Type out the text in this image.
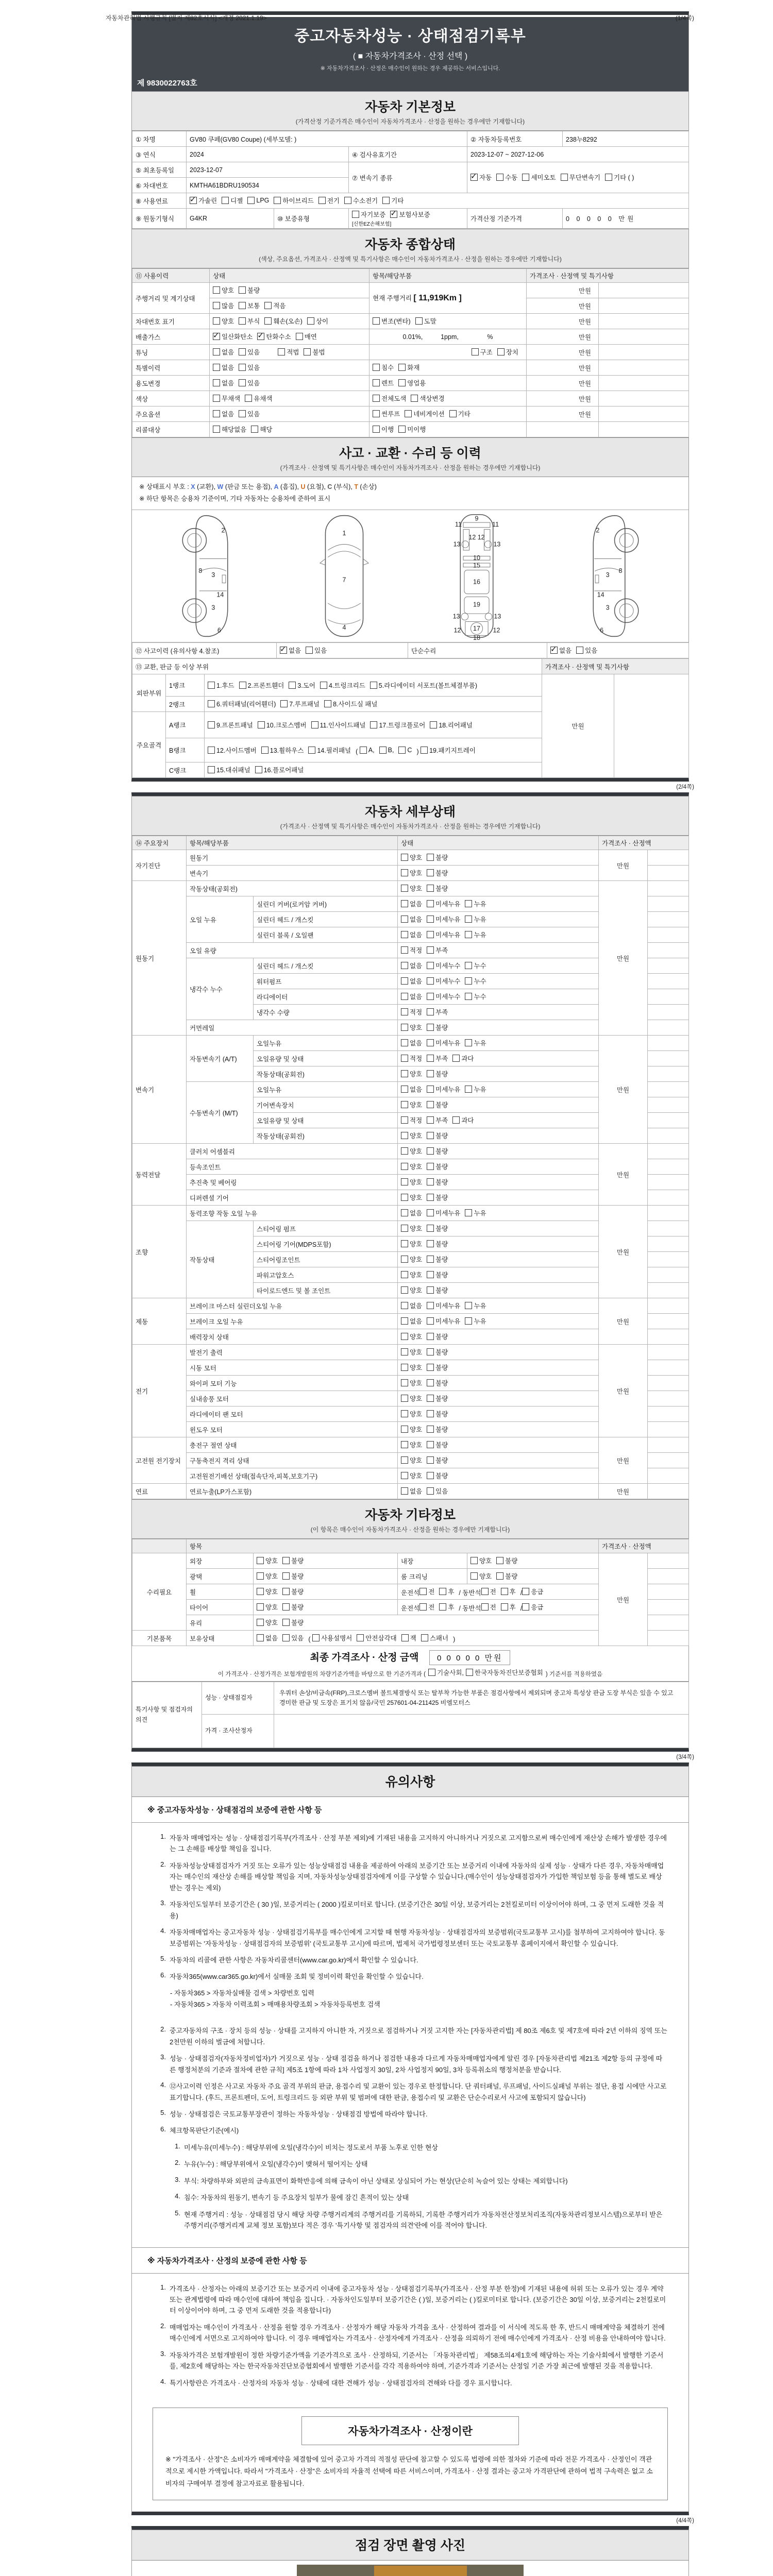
자동차관리법 시행규칙 [별지 제82호서식] <개정 2021.1.19>	(1/4쪽)
중고자동차성능 · 상태점검기록부
( ■ 자동차가격조사 · 산정 선택 )
※ 자동차가격조사 · 산정은 매수인이 원하는 경우 제공하는 서비스입니다.
제 9830022763호
자동차 기본정보
(가격산정 기준가격은 매수인이 자동차가격조사 · 산정을 원하는 경우에만 기재합니다)
① 차명	GV80 쿠페(GV80 Coupe) (세부모델: )			② 자동차등록번호	238누8292
③ 연식	2024		④ 검사유효기간	2023-12-07 ~ 2027-12-06	
⑤ 최초등록일	2023-12-07		⑦ 변속기 종류	
✓자동 수동 세미오토 무단변속기 기타 ( )

⑥ 차대번호	KMTHA61BDRU190534				
⑧ 사용연료	
✓가솔린 디젤 LPG 하이브리드 전기 수소전기 기타

⑨ 원동기형식	G4KR	⑩ 보증유형	자기보증 ✓ 보험사보증
[신한EZ손해보험]	가격산정 기준가격	0 0 0 0 0 만원
자동차 종합상태
(색상, 주요옵션, 가격조사 · 산정액 및 특기사항은 매수인이 자동차가격조사 · 산정을 원하는 경우에만 기재합니다)
⑪ 사용이력	상태	항목/해당부품	가격조사 · 산정액 및 특기사항	
주행거리 및 계기상태	양호 불량	현재 주행거리 [ 11,919Km ]	만원	

	많음 보통 적음		만원	
차대번호 표기	양호 부식 훼손(오손) 상이	변조(변타) 도말	만원	
배출가스	
✓일산화탄소 ✓ 탄화수소 매연	0.01%,          1ppm,                %	만원	
튜닝	없음 있음 적법 불법	구조 장치	만원	
특별이력	없음 있음	침수 화재	만원	
용도변경	없음 있음	렌트 영업용	만원	
색상	무채색 유채색	전체도색 색상변경	만원	
주요옵션	없음 있음	썬루프 네비게이션 기타	만원	
리콜대상	해당없음 해당	이행 미이행		

사고 · 교환 · 수리 등 이력
(가격조사 · 산정액 및 특기사항은 매수인이 자동차가격조사 · 산정을 원하는 경우에만 기재합니다)
※ 상태표시 부호 : X (교환), W (판금 또는 용접), A (흠집), U (요철), C (부식), T (손상)
※ 하단 항목은 승용차 기준이며, 기타 자동차는 승용차에 준하여 표시
2
8
3
14
3
6
1
7
4
9
11	11
13
12 12
13
10
15
16
13
19
13
12 17 12
18
2
3
8
14
3
6
⑫ 사고이력 (유의사항 4.참조)	
✓없음 있음	단순수리	
✓없음 있음
⑬ 교환, 판금 등 이상 부위			가격조사 · 산정액 및 특기사항	
외판부위	1랭크	1.후드 2.프론트휀더 3.도어 4.트렁크리드 5.라디에이터 서포트(볼트체결부품)	만원	
	2랭크	6.쿼터패널(리어휀더) 7.루프패널 8.사이드실 패널		

주요골격	A랭크	9.프론트패널 10.크로스멤버 11.인사이드패널 17.트렁크플로어 18.리어패널		

B랭크	12.사이드멤버 13.휠하우스 14.필러패널 ( A, B, C ) 19.패키지트레이

	C랭크	15.대쉬패널 16.플로어패널		
(2/4쪽)
자동차 세부상태
(가격조사 · 산정액 및 특기사항은 매수인이 자동차가격조사 · 산정을 원하는 경우에만 기재합니다)
⑭ 주요장치	항목/해당부품		상태	가격조사 · 산정액	
자기진단	원동기		양호 불량	만원	
	변속기		양호 불량		

원동기	작동상태(공회전)		양호 불량	만원	
	오일 누유	실린더 커버(로커암 커버)	없음 미세누유 누유		

		실린더 헤드 / 개스킷	없음 미세누유 누유		

		실린더 블록 / 오일팬	없음 미세누유 누유		

	오일 유량		적정 부족		

	냉각수 누수	실린더 헤드 / 개스킷	없음 미세누수 누수		

		워터펌프	없음 미세누수 누수		

		라디에이터	없음 미세누수 누수		

		냉각수 수량	적정 부족		

	커먼레일		양호 불량		

변속기	자동변속기 (A/T)	오일누유	없음 미세누유 누유	만원	
		오일유량 및 상태	적정 부족 과다		

		작동상태(공회전)	양호 불량		

	수동변속기 (M/T)	오일누유	없음 미세누유 누유		

		기어변속장치	양호 불량		

		오일유량 및 상태	적정 부족 과다		

		작동상태(공회전)	양호 불량		

동력전달	클러치 어셈블리		양호 불량	만원	
	등속조인트		양호 불량		

	추진축 및 베어링		양호 불량		

	디퍼렌셜 기어		양호 불량		

조향	동력조향 작동 오일 누유		없음 미세누유 누유	만원	
	작동상태	스티어링 펌프	양호 불량		

		스티어링 기어(MDPS포함)	양호 불량		

		스티어링조인트	양호 불량		

		파워고압호스	양호 불량		

		타이로드엔드 및 볼 조인트	양호 불량		

제동	브레이크 마스터 실린더오일 누유		없음 미세누유 누유	만원	
	브레이크 오일 누유		없음 미세누유 누유		

	배력장치 상태		양호 불량		

전기	발전기 출력		양호 불량	만원	
	시동 모터		양호 불량		

	와이퍼 모터 기능		양호 불량		

	실내송풍 모터		양호 불량		

	라디에이터 팬 모터		양호 불량		

	윈도우 모터		양호 불량		

고전원 전기장치	충전구 절연 상태		양호 불량	만원	
	구동축전지 격리 상태		양호 불량		

	고전원전기배선 상태(접속단자,피복,보호기구)		양호 불량		

연료	연료누출(LP가스포함)		없음 있음	만원	
자동차 기타정보
(이 항목은 매수인이 자동차가격조사 · 산정을 원하는 경우에만 기재합니다)
	항목				가격조사 · 산정액	
수리필요	외장	양호 불량	내장	양호 불량	만원	
	광택	양호 불량	룸 크리닝	양호 불량		

휠	양호 불량	운전석 전 후 / 동반석 전 후 / 응급

타이어	양호 불량	운전석 전 후 / 동반석 전 후 / 응급

	유리	양호 불량				

기본품목	보유상태	없음 있음 ( 사용설명서 안전삼각대 잭 스패너 )	
최종 가격조사 · 산정 금액 0 0 0 0 0 만원
이 가격조사 · 산정가격은 보험개발원의 차량기준가액을 바탕으로 한 기준가격과 ( 기술사회, 한국자동차진단보증협회 ) 기준서를 적용하였음
특기사항 및 점검자의 의견	성능 · 상태점검자	우쿼터 손상/비금속(FRP),크로스멤버 볼트체결방식 또는 탈부착 가능한 부품은 점검사항에서 제외되며 중고차 특성상 판금 도장 부식은 있을 수 있고 경미한 판금 및 도장은 표기치 않음/국민 257601-04-211425 비엠모터스
	가격 · 조사산정자	
(3/4쪽)
유의사항
※ 중고자동차성능 · 상태점검의 보증에 관한 사항 등
1. 자동차 매매업자는 성능 · 상태점검기록부(가격조사 · 산정 부분 제외)에 기재된 내용을 고지하지 아니하거나 거짓으로 고지함으로써 매수인에게 재산상 손해가 발생한 경우에는 그 손해를 배상할 책임을 집니다.
2. 자동차성능상태점검자가 거짓 또는 오류가 있는 성능상태점검 내용을 제공하여 아래의 보증기간 또는 보증거리 이내에 자동차의 실제 성능 · 상태가 다른 경우, 자동차매매업자는 매수인의 재산상 손해를 배상할 책임을 지며, 자동차성능상태점검자에게 이를 구상할 수 있습니다.(매수인이 성능상태점검자가 가입한 책임보험 등을 통해 별도로 배상받는 경우는 제외)
3. 자동차인도일부터 보증기간은 ( 30 )일, 보증거리는 ( 2000 )킬로미터로 합니다. (보증기간은 30일 이상, 보증거리는 2천킬로미터 이상이어야 하며, 그 중 먼저 도래한 것을 적용)
4. 자동차매매업자는 중고자동차 성능 · 상태점검기록부를 매수인에게 고지할 때 현행 자동차성능 · 상태점검자의 보증범위(국토교통부 고시)를 첨부하여 고지하여야 합니다. 동 보증범위는 '자동차성능 · 상태점검자의 보증범위' (국토교통부 고시)에 따르며, 법제처 국가법령정보센터 또는 국토교통부 홈페이지에서 확인할 수 있습니다.
5. 자동차의 리콜에 관한 사항은 자동차리콜센터(www.car.go.kr)에서 확인할 수 있습니다.
6. 자동차365(www.car365.go.kr)에서 실매물 조회 및 정비이력 확인을 확인할 수 있습니다.
- 자동차365 > 자동차실매물 검색 > 차량번호 입력
- 자동차365 > 자동차 이력조회 > 매매용차량조회 > 자동차등록번호 검색
2. 중고자동차의 구조 · 장치 등의 성능 · 상태를 고지하지 아니한 자, 거짓으로 점검하거나 거짓 고지한 자는 [자동차관리법] 제 80조 제6호 및 제7호에 따라 2년 이하의 징역 또는 2천만원 이하의 벌금에 처합니다.
3. 성능 · 상태점검자(자동차정비업자)가 거짓으로 성능 · 상태 점검을 하거나 점검한 내용과 다르게 자동차매매업자에게 알린 경우 [자동차관리법 제21조 제2항 등의 규정에 따른 행정처분의 기준과 절차에 관한 규칙] 제5조 1항에 따라 1차 사업정지 30일, 2차 사업정지 90일, 3차 등록취소의 행정처분을 받습니다.
4. ⑫사고이력 인정은 사고로 자동차 주요 골격 부위의 판금, 용접수리 및 교환이 있는 경우로 한정합니다. 단 쿼터패널, 루프패널, 사이드실패널 부위는 절단, 용접 시에만 사고로 표기합니다. (후드, 프론트펜더, 도어, 트렁크리드 등 외판 부위 및 범퍼에 대한 판금, 용접수리 및 교환은 단순수리로서 사고에 포함되지 않습니다)
5. 성능 · 상태점검은 국토교통부장관이 정하는 자동차성능 · 상태점검 방법에 따라야 합니다.
6. 체크항목판단기준(예시)
1. 미세누유(미세누수) : 해당부위에 오일(냉각수)이 비치는 정도로서 부품 노후로 인한 현상
2. 누유(누수) : 해당부위에서 오일(냉각수)이 맺혀서 떨어지는 상태
3. 부식: 차량하부와 외판의 금속표면이 화학반응에 의해 금속이 아닌 상태로 상실되어 가는 현상(단순히 녹슬어 있는 상태는 제외합니다)
4. 침수: 자동차의 원동기, 변속기 등 주요장치 일부가 물에 잠긴 흔적이 있는 상태
5. 현재 주행거리 : 성능 · 상태점검 당시 해당 차량 주행거리계의 주행거리를 기록하되, 기록한 주행거리가 자동차전산정보처리조직(자동차관리정보시스템)으로부터 받은 주행거리(주행거리계 교체 정보 포함)보다 적은 경우 '특기사항 및 점검자의 의견'란에 이를 적어야 합니다.
※ 자동차가격조사 · 산정의 보증에 관한 사항 등
1. 가격조사 · 산정자는 아래의 보증기간 또는 보증거리 이내에 중고자동차 성능 · 상태점검기록부(가격조사 · 산정 부분 한정)에 기재된 내용에 허위 또는 오류가 있는 경우 계약 또는 관계법령에 따라 매수인에 대하여 책임을 집니다. · 자동차인도일부터 보증기간은 ( )일, 보증거리는 ( )킬로미터로 합니다. (보증기간은 30일 이상, 보증거리는 2천킬로미터 이상이어야 하며, 그 중 먼저 도래한 것을 적용합니다)
2. 매매업자는 매수인이 가격조사 · 산정을 원할 경우 가격조사 · 산정자가 해당 자동차 가격을 조사 · 산정하여 결과를 이 서식에 적도록 한 후, 반드시 매매계약을 체결하기 전에 매수인에게 서면으로 고지하여야 합니다. 이 경우 매매업자는 가격조사 · 산정자에게 가격조사 · 산정을 의뢰하기 전에 매수인에게 가격조사 · 산정 비용을 안내하여야 합니다.
3. 자동차가격은 보험개발원이 정한 차량기준가액을 기준가격으로 조사 · 산정하되, 기준서는 「자동차관리법」 제58조의4제1호에 해당하는 자는 기술사회에서 발행한 기준서를, 제2호에 해당하는 자는 한국자동차진단보증협회에서 발행한 기준서를 각각 적용하여야 하며, 기준가격과 기준서는 산정일 기준 가장 최근에 발행된 것을 적용합니다.
4. 특기사항란은 가격조사 · 산정자의 자동차 성능 · 상태에 대한 견해가 성능 · 상태점검자의 견해와 다를 경우 표시합니다.
자동차가격조사 · 산정이란
※ "가격조사 · 산정"은 소비자가 매매계약을 체결함에 있어 중고차 가격의 적절성 판단에 참고할 수 있도록 법령에 의한 절차와 기준에 따라 전문 가격조사 · 산정인이 객관적으로 제시한 가액입니다. 따라서 "가격조사 · 산정"은 소비자의 자율적 선택에 따른 서비스이며, 가격조사 · 산정 결과는 중고차 가격판단에 관하여 법적 구속력은 없고 소비자의 구매여부 결정에 참고자료로 활용됩니다.
(4/4쪽)
점검 장면 촬영 사진
